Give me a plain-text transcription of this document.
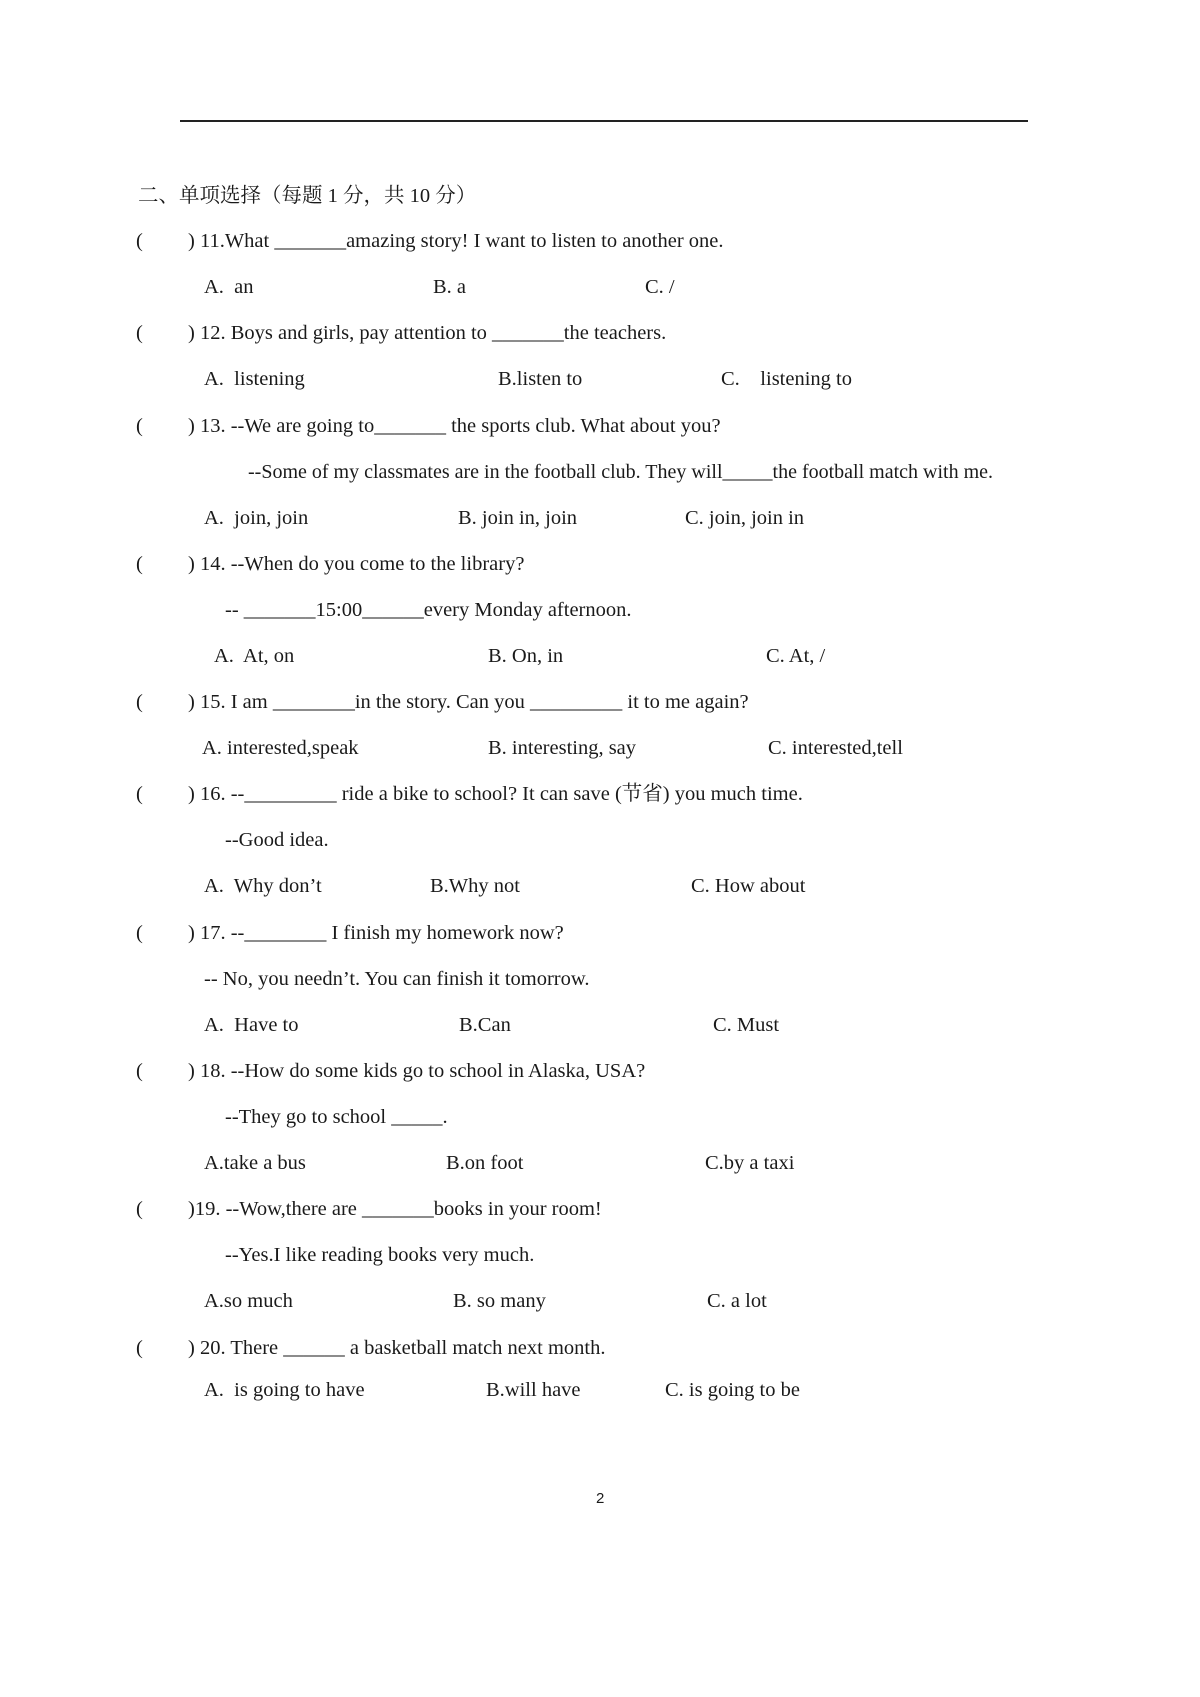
二、单项选择（每题 1 分，共 10 分）
( ) 11.What _______amazing story! I want to listen to another one.
A.  an	B. a	C. /
( ) 12. Boys and girls, pay attention to _______the teachers.
A.  listening	B.listen to	C.    listening to
( ) 13. --We are going to_______ the sports club. What about you?
--Some of my classmates are in the football club. They will_____the football match with me.
A.  join, join	B. join in, join	C. join, join in
( ) 14. --When do you come to the library?
-- _______15:00______every Monday afternoon.
A.  At, on	B. On, in	C. At, /
( ) 15. I am ________in the story. Can you _________ it to me again?
A. interested,speak	B. interesting, say	C. interested,tell
( ) 16. --_________ ride a bike to school? It can save (节省) you much time.
--Good idea.
A.  Why don’t	B.Why not	C. How about
( ) 17. --________ I finish my homework now?
-- No, you needn’t. You can finish it tomorrow.
A.  Have to	B.Can	C. Must
( ) 18. --How do some kids go to school in Alaska, USA?
--They go to school _____.
A.take a bus	B.on foot	C.by a taxi
( )19. --Wow,there are _______books in your room!
--Yes.I like reading books very much.
A.so much	B. so many	C. a lot
( ) 20. There ______ a basketball match next month.
A.  is going to have	B.will have	C. is going to be
2
